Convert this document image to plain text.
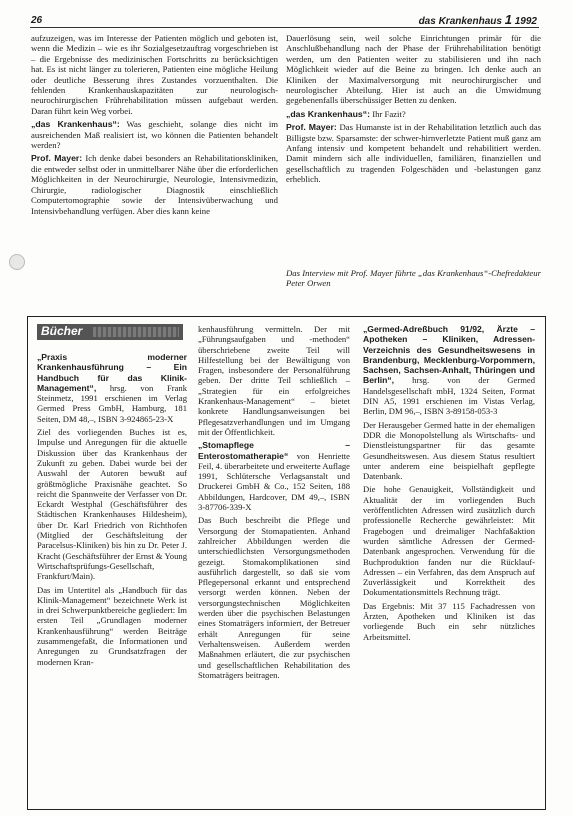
26	das Krankenhaus 1 1992

aufzuzeigen, was im Interesse der Patienten möglich und geboten ist, wenn die Medizin – wie es ihr Sozialgesetzauftrag vorgeschrieben ist – die Ergebnisse des medizinischen Fortschritts zu berücksichtigen hat. Es ist nicht länger zu tolerieren, Patienten eine mögliche Heilung oder deutliche Besserung ihres Zustandes vorzuenthalten. Die fehlenden Krankenhauskapazitäten zur neurologisch-neurochirurgischen Frührehabilitation müssen aufgebaut werden. Daran führt kein Weg vorbei.

„das Krankenhaus“: Was geschieht, solange dies nicht im ausreichenden Maß realisiert ist, wo können die Patienten behandelt werden?

Prof. Mayer: Ich denke dabei besonders an Rehabilitationskliniken, die entweder selbst oder in unmittelbarer Nähe über die erforderlichen Möglichkeiten in der Neurochirurgie, Neurologie, Intensivmedizin, Chirurgie, radiologischer Diagnostik einschließlich Computertomographie sowie der Intensivüberwachung und Intensivbehandlung verfügen. Aber dies kann keine

Dauerlösung sein, weil solche Einrichtungen primär für die Anschlußbehandlung nach der Phase der Frührehabilitation benötigt werden, um den Patienten weiter zu stabilisieren und ihn nach Möglichkeit wieder auf die Beine zu bringen. Ich denke auch an Kliniken der Maximalversorgung mit neurochirurgischer und neurologischer Abteilung. Hier ist auch an die Umwidmung gegebenenfalls überschüssiger Betten zu denken.

„das Krankenhaus“: Ihr Fazit?

Prof. Mayer: Das Humanste ist in der Rehabilitation letztlich auch das Billigste bzw. Sparsamste: der schwer-hirnverletzte Patient muß ganz am Anfang intensiv und kompetent behandelt und rehabilitiert werden. Damit mindern sich alle individuellen, familiären, finanziellen und gesellschaftlich zu tragenden Folgeschäden und -belastungen ganz erheblich.

Das Interview mit Prof. Mayer führte „das Krankenhaus“-Chefredakteur Peter Orwen
Bücher

„Praxis moderner Krankenhausführung – Ein Handbuch für das Klinik-Management“, hrsg. von Frank Steinmetz, 1991 erschienen im Verlag Germed Press GmbH, Hamburg, 181 Seiten, DM 48,–, ISBN 3-924865-23-X

Ziel des vorliegenden Buches ist es, Impulse und Anregungen für die aktuelle Diskussion über das Krankenhaus der Zukunft zu geben. Dabei wurde bei der Auswahl der Autoren bewußt auf größtmögliche Praxisnähe geachtet. So reicht die Spannweite der Verfasser von Dr. Eckardt Westphal (Geschäftsführer des Städtischen Krankenhauses Hildesheim), über Dr. Karl Friedrich von Richthofen (Mitglied der Geschäftsleitung der Paracelsus-Kliniken) bis hin zu Dr. Peter J. Kracht (Geschäftsführer der Ernst & Young Wirtschaftsprüfungs-Gesellschaft, Frankfurt/Main).

Das im Untertitel als „Handbuch für das Klinik-Management“ bezeichnete Werk ist in drei Schwerpunktbereiche gegliedert: Im ersten Teil „Grundlagen moderner Krankenhausführung“ werden Beiträge zusammengefaßt, die Informationen und Anregungen zu Grundsatzfragen der modernen Kran-

kenhausführung vermitteln. Der mit „Führungsaufgaben und -methoden“ überschriebene zweite Teil will Hilfestellung bei der Bewältigung von Fragen, insbesondere der Personalführung geben. Der dritte Teil schließlich – „Strategien für ein erfolgreiches Krankenhaus-Management“ – bietet konkrete Handlungsanweisungen bei Pflegesatzverhandlungen und im Umgang mit der Öffentlichkeit.

„Stomapflege – Enterostomatherapie“ von Henriette Feil, 4. überarbeitete und erweiterte Auflage 1991, Schlütersche Verlagsanstalt und Druckerei GmbH & Co., 152 Seiten, 188 Abbildungen, Hardcover, DM 49,–, ISBN 3-87706-339-X

Das Buch beschreibt die Pflege und Versorgung der Stomapatienten. Anhand zahlreicher Abbildungen werden die unterschiedlichsten Versorgungsmethoden gezeigt. Stomakomplikationen sind ausführlich dargestellt, so daß sie vom Pflegepersonal erkannt und entsprechend versorgt werden können. Neben der versorgungstechnischen Möglichkeiten werden über die psychischen Belastungen eines Stomaträgers informiert, der Betreuer erhält Anregungen für seine Verhaltensweisen. Außerdem werden Maßnahmen erläutert, die zur psychischen und gesellschaftlichen Rehabilitation des Stomaträgers beitragen.

„Germed-Adreßbuch 91/92, Ärzte – Apotheken – Kliniken, Adressen-Verzeichnis des Gesundheitswesens in Brandenburg, Mecklenburg-Vorpommern, Sachsen, Sachsen-Anhalt, Thüringen und Berlin“, hrsg. von der Germed Handelsgesellschaft mbH, 1324 Seiten, Format DIN A5, 1991 erschienen im Vistas Verlag, Berlin, DM 96,–, ISBN 3-89158-053-3

Der Herausgeber Germed hatte in der ehemaligen DDR die Monopolstellung als Wirtschafts- und Dienstleistungspartner für das gesamte Gesundheitswesen. Aus diesem Status resultiert unter anderem eine beispielhaft gepflegte Datenbank.

Die hohe Genauigkeit, Vollständigkeit und Aktualität der im vorliegenden Buch veröffentlichten Adressen wird zusätzlich durch professionelle Recherche gewährleistet: Mit Fragebogen und dreimaliger Nachfaßaktion wurden sämtliche Adressen der Germed-Datenbank angesprochen. Verwendung für die Buchproduktion fanden nur die Rücklauf-Adressen – ein Verfahren, das dem Anspruch auf Zuverlässigkeit und Korrektheit des Dokumentationsmittels Rechnung trägt.

Das Ergebnis: Mit 37 115 Fachadressen von Ärzten, Apotheken und Kliniken ist das vorliegende Buch ein sehr nützliches Arbeitsmittel.
